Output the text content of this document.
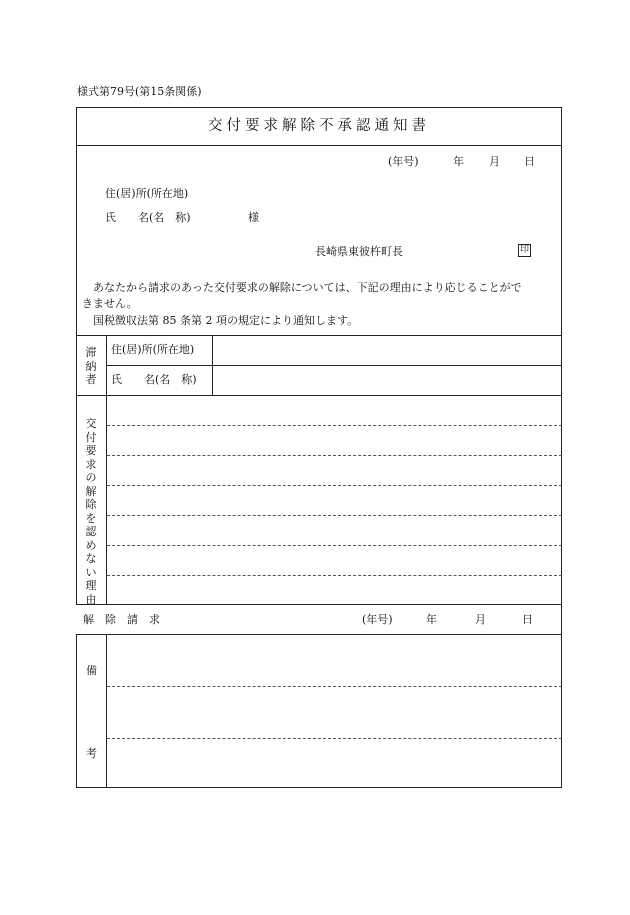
様式第79号(第15条関係)
交付要求解除不承認通知書
(年号)	年 月 日
住(居)所(所在地)
氏　　名(名　称)	様
長崎県東彼杵町長	印
あなたから請求のあった交付要求の解除については、下記の理由により応じることがで
きません。
国税徴収法第 85 条第 2 項の規定により通知します。
滞納者
住(居)所(所在地)
氏　　名(名　称)
交付要求の解除を認めない理由
解　除　請　求	(年号)	年	月	日
備
考
